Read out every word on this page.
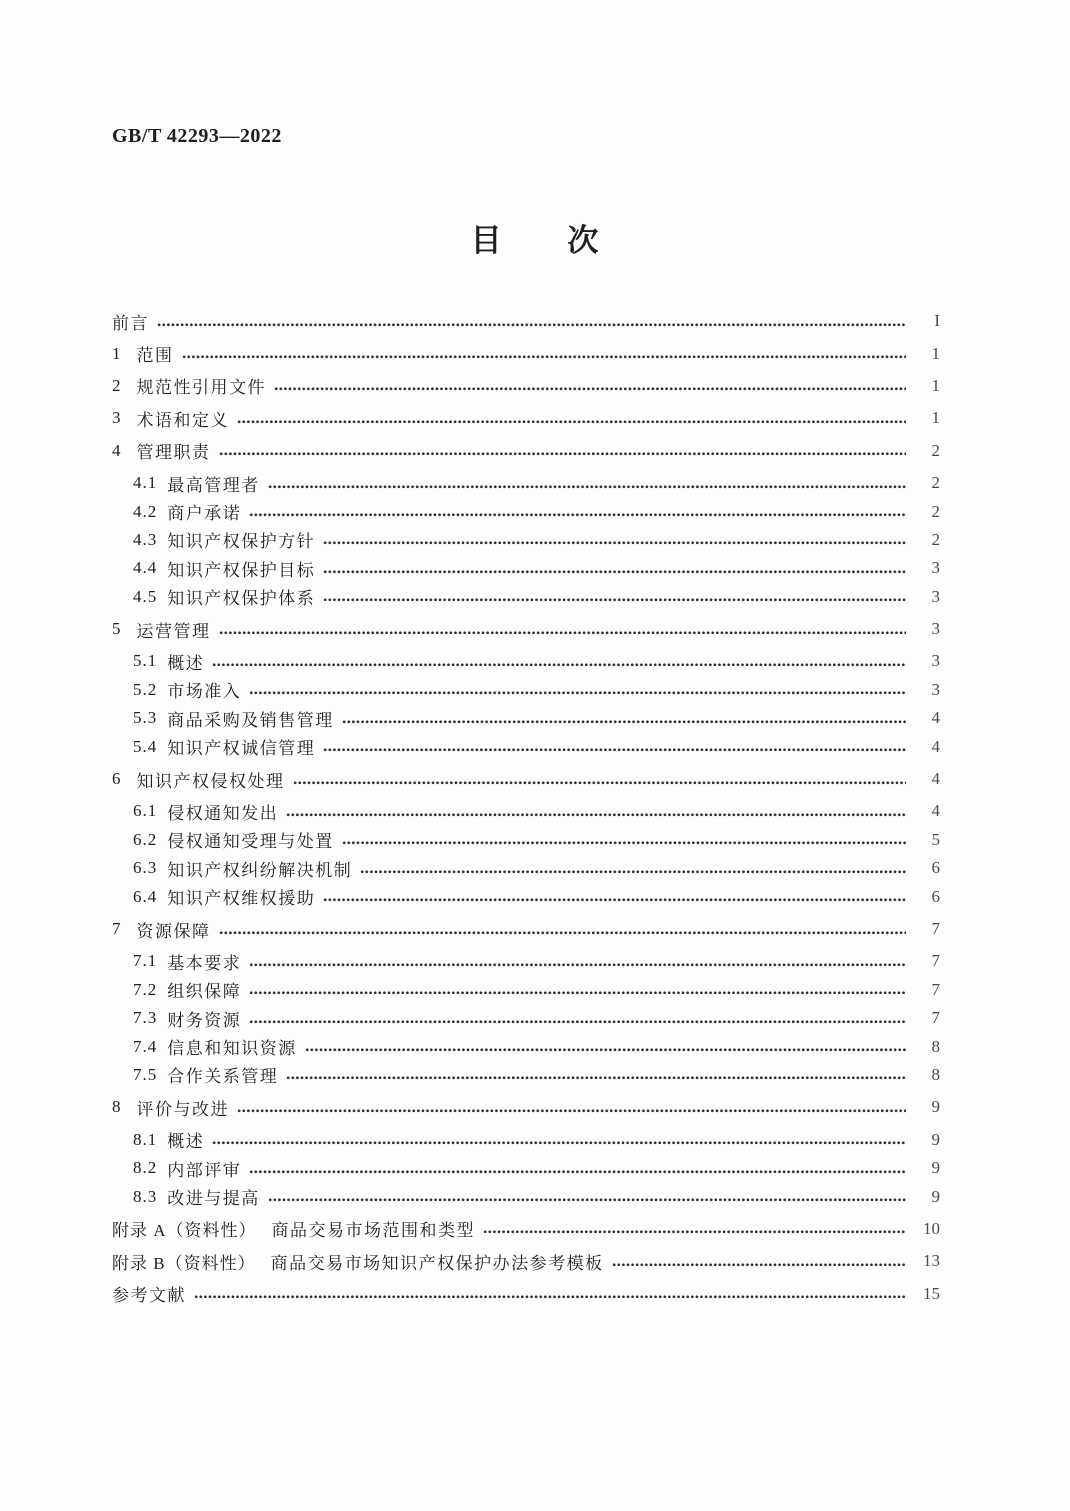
GB/T 42293—2022
目 次
前言	I
1 范围	1
2 规范性引用文件	1
3 术语和定义	1
4 管理职责	2
4.1 最高管理者	2
4.2 商户承诺	2
4.3 知识产权保护方针	2
4.4 知识产权保护目标	3
4.5 知识产权保护体系	3
5 运营管理	3
5.1 概述	3
5.2 市场准入	3
5.3 商品采购及销售管理	4
5.4 知识产权诚信管理	4
6 知识产权侵权处理	4
6.1 侵权通知发出	4
6.2 侵权通知受理与处置	5
6.3 知识产权纠纷解决机制	6
6.4 知识产权维权援助	6
7 资源保障	7
7.1 基本要求	7
7.2 组织保障	7
7.3 财务资源	7
7.4 信息和知识资源	8
7.5 合作关系管理	8
8 评价与改进	9
8.1 概述	9
8.2 内部评审	9
8.3 改进与提高	9
附录 A（资料性） 商品交易市场范围和类型	10
附录 B（资料性） 商品交易市场知识产权保护办法参考模板	13
参考文献	15
